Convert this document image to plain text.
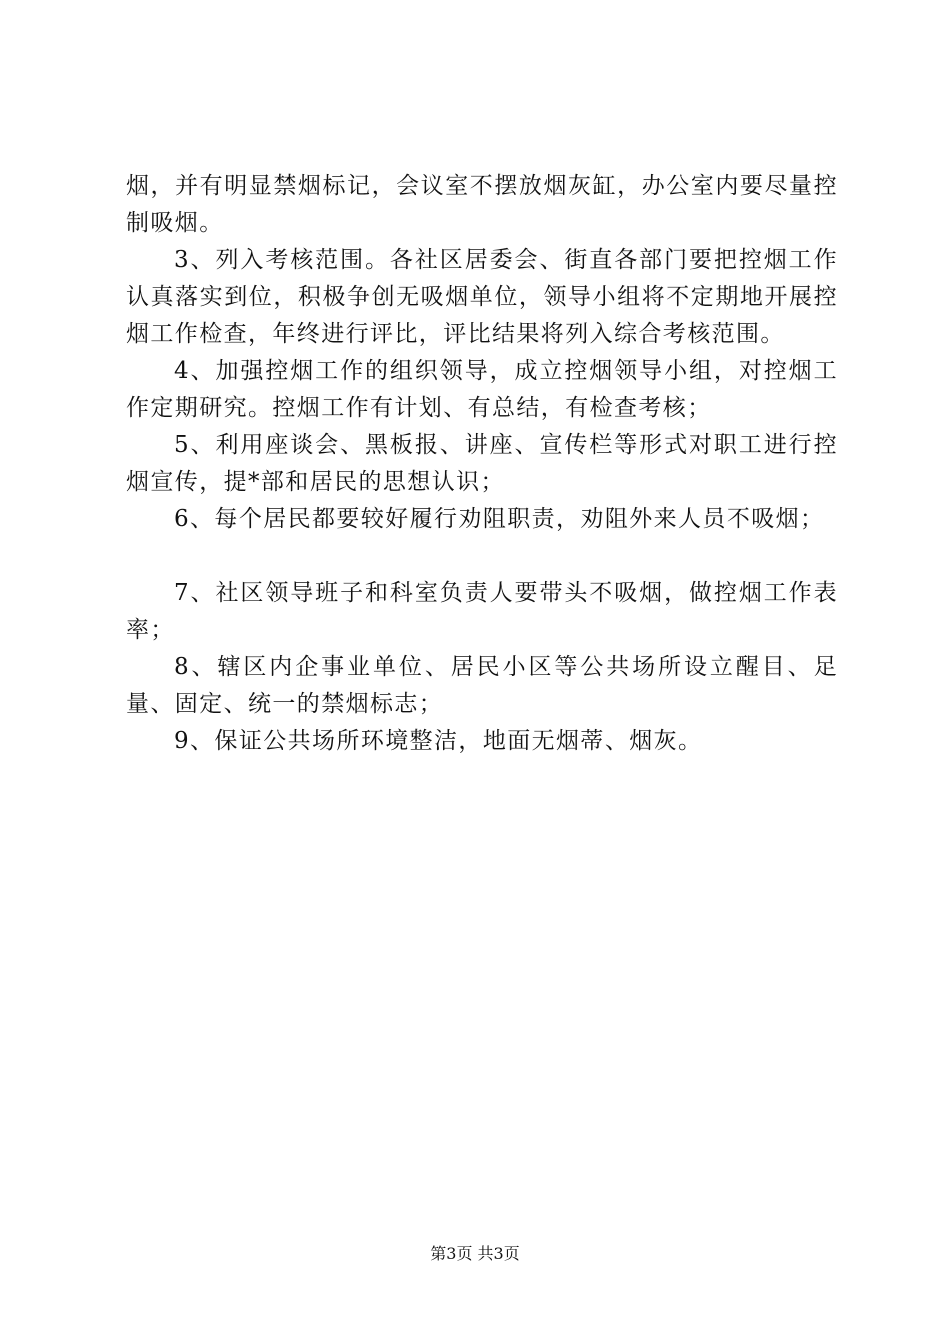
烟，并有明显禁烟标记，会议室不摆放烟灰缸，办公室内要尽量控制吸烟。

3、列入考核范围。各社区居委会、街直各部门要把控烟工作认真落实到位，积极争创无吸烟单位，领导小组将不定期地开展控烟工作检查，年终进行评比，评比结果将列入综合考核范围。

4、加强控烟工作的组织领导，成立控烟领导小组，对控烟工作定期研究。控烟工作有计划、有总结，有检查考核；

5、利用座谈会、黑板报、讲座、宣传栏等形式对职工进行控烟宣传，提*部和居民的思想认识；

6、每个居民都要较好履行劝阻职责，劝阻外来人员不吸烟；

7、社区领导班子和科室负责人要带头不吸烟，做控烟工作表率；

8、辖区内企事业单位、居民小区等公共场所设立醒目、足量、固定、统一的禁烟标志；

9、保证公共场所环境整洁，地面无烟蒂、烟灰。

第3页 共3页
